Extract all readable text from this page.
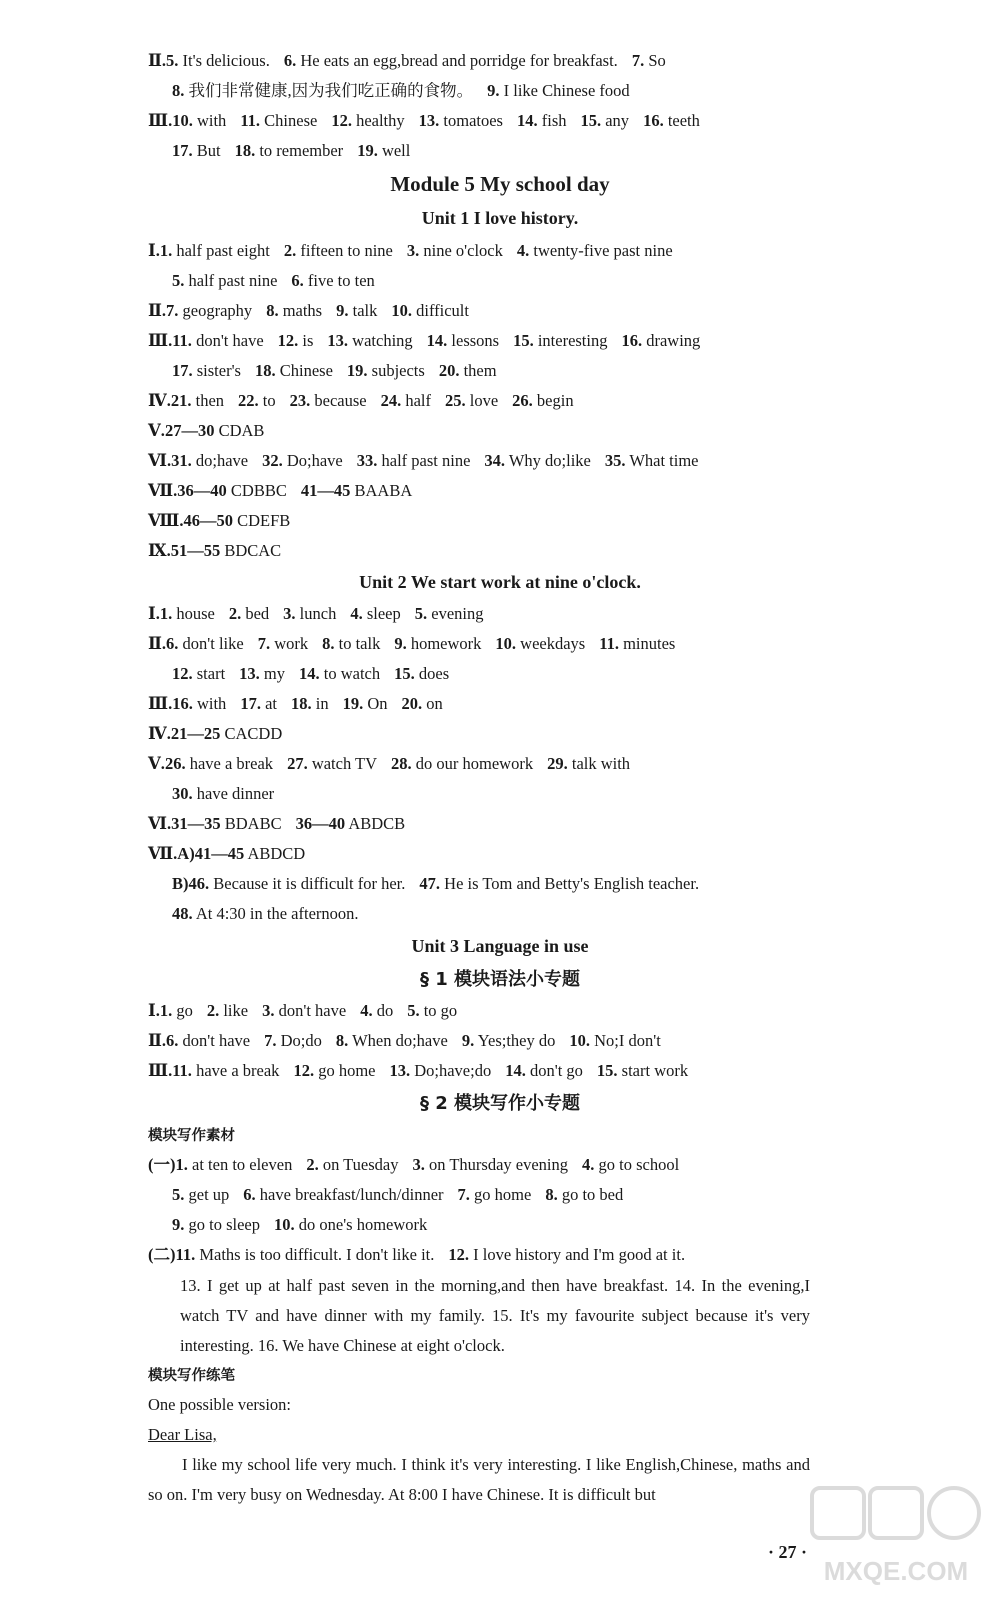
Ⅱ.5. It's delicious. 6. He eats an egg,bread and porridge for breakfast. 7. So
8. 我们非常健康,因为我们吃正确的食物。 9. I like Chinese food
Ⅲ.10. with 11. Chinese 12. healthy 13. tomatoes 14. fish 15. any 16. teeth
17. But 18. to remember 19. well
Module 5 My school day
Unit 1 I love history.
Ⅰ.1. half past eight 2. fifteen to nine 3. nine o'clock 4. twenty-five past nine
5. half past nine 6. five to ten
Ⅱ.7. geography 8. maths 9. talk 10. difficult
Ⅲ.11. don't have 12. is 13. watching 14. lessons 15. interesting 16. drawing
17. sister's 18. Chinese 19. subjects 20. them
Ⅳ.21. then 22. to 23. because 24. half 25. love 26. begin
Ⅴ.27—30 CDAB
Ⅵ.31. do;have 32. Do;have 33. half past nine 34. Why do;like 35. What time
Ⅶ.36—40 CDBBC 41—45 BAABA
Ⅷ.46—50 CDEFB
Ⅸ.51—55 BDCAC
Unit 2 We start work at nine o'clock.
Ⅰ.1. house 2. bed 3. lunch 4. sleep 5. evening
Ⅱ.6. don't like 7. work 8. to talk 9. homework 10. weekdays 11. minutes
12. start 13. my 14. to watch 15. does
Ⅲ.16. with 17. at 18. in 19. On 20. on
Ⅳ.21—25 CACDD
Ⅴ.26. have a break 27. watch TV 28. do our homework 29. talk with
30. have dinner
Ⅵ.31—35 BDABC 36—40 ABDCB
Ⅶ.A)41—45 ABDCD
B)46. Because it is difficult for her. 47. He is Tom and Betty's English teacher.
48. At 4:30 in the afternoon.
Unit 3 Language in use
§ 1 模块语法小专题
Ⅰ.1. go 2. like 3. don't have 4. do 5. to go
Ⅱ.6. don't have 7. Do;do 8. When do;have 9. Yes;they do 10. No;I don't
Ⅲ.11. have a break 12. go home 13. Do;have;do 14. don't go 15. start work
§ 2 模块写作小专题
模块写作素材
(一)1. at ten to eleven 2. on Tuesday 3. on Thursday evening 4. go to school
5. get up 6. have breakfast/lunch/dinner 7. go home 8. go to bed
9. go to sleep 10. do one's homework
(二)11. Maths is too difficult. I don't like it. 12. I love history and I'm good at it.
13. I get up at half past seven in the morning,and then have breakfast. 14. In the evening,I watch TV and have dinner with my family. 15. It's my favourite subject because it's very interesting. 16. We have Chinese at eight o'clock.
模块写作练笔
One possible version:
Dear Lisa,
I like my school life very much. I think it's very interesting. I like English,Chinese, maths and so on. I'm very busy on Wednesday. At 8:00 I have Chinese. It is difficult but
MXQE.COM
· 27 ·
